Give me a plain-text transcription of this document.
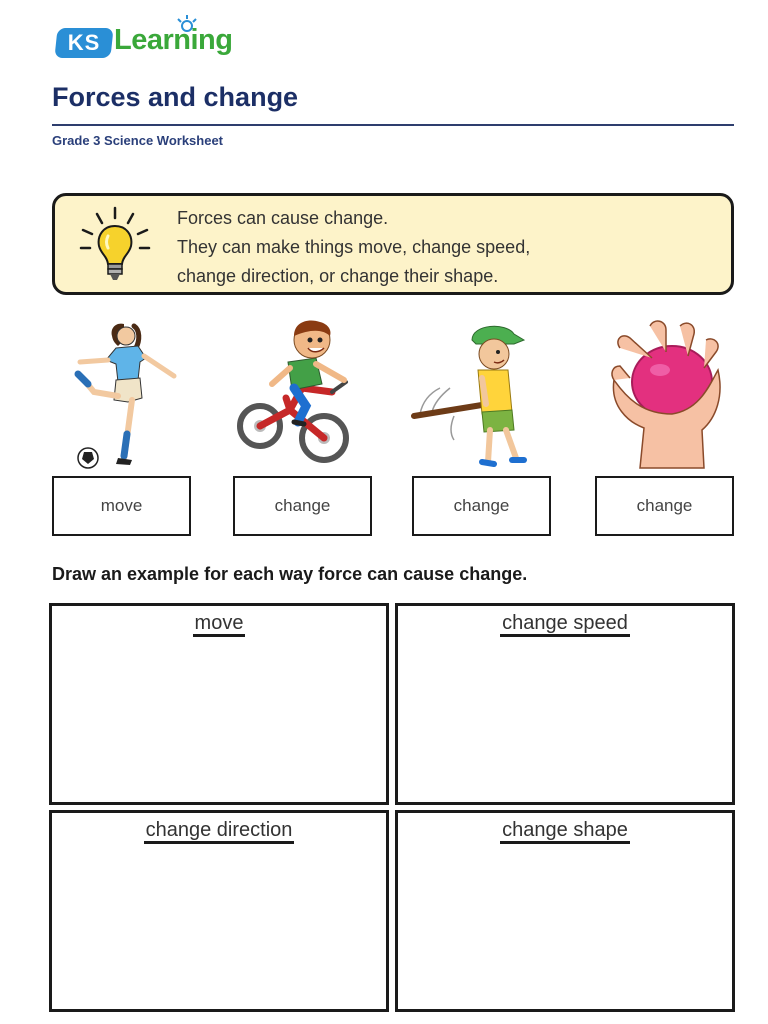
KS Learning
Forces and change
Grade 3 Science Worksheet
Forces can cause change.
They can make things move, change speed,
change direction, or change their shape.
move	change	change	change
Draw an example for each way force can cause change.
move	change speed
change direction	change shape
